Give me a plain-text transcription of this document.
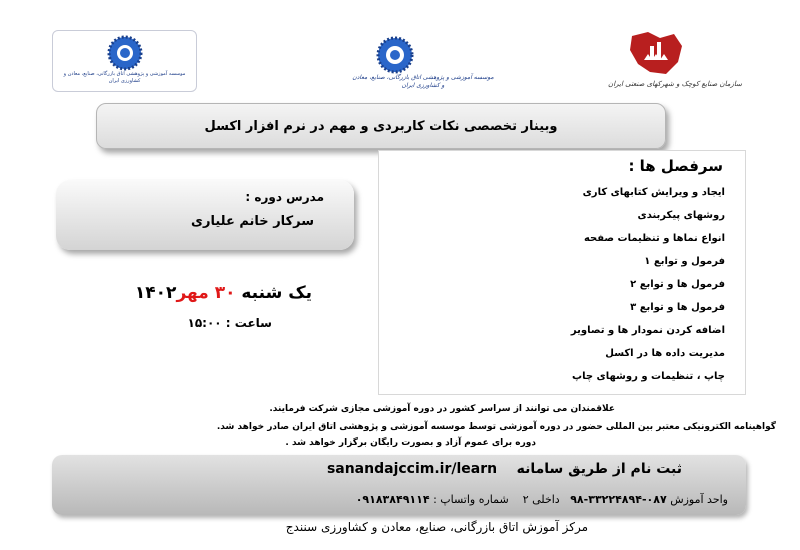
موسسه آموزشی و پژوهشی اتاق بازرگانی، صنایع، معادن و کشاورزی ایران	موسسه آموزشی و پژوهشی اتاق بازرگانی، صنایع، معادن و کشاورزی ایران	سازمان صنایع کوچک و شهرکهای صنعتی ایران
وبینار تخصصی نکات کاربردی و مهم در نرم افزار اکسل
سرفصل ها :
ایجاد و ویرایش کتابهای کاری
روشهای پیکربندی
انواع نماها و تنظیمات صفحه
فرمول و توابع ۱
فرمول ها و توابع ۲
فرمول ها و توابع ۳
اضافه کردن نمودار ها و تصاویر
مدیریت داده ها در اکسل
چاپ ، تنظیمات و روشهای چاپ
مدرس دوره :
سرکار خانم علیاری
یک شنبه ۳۰ مهر۱۴۰۲
ساعت : ۱۵:۰۰
علاقمندان می توانند از سراسر کشور در دوره آموزشی مجازی شرکت فرمایند.
گواهینامه الکترونیکی معتبر بین المللی حضور در دوره آموزشی توسط موسسه آموزشی و پژوهشی اتاق ایران صادر خواهد شد.
دوره برای عموم آزاد و بصورت رایگان برگزار خواهد شد .
ثبت نام از طریق سامانه    sanandajccim.ir/learn
واحد آموزش ۰۸۷-۳۳۲۲۴۸۹۴-۹۸   داخلی ۲    شماره واتساپ : ۰۹۱۸۳۸۴۹۱۱۴
مرکز آموزش اتاق بازرگانی، صنایع، معادن و کشاورزی سنندج
